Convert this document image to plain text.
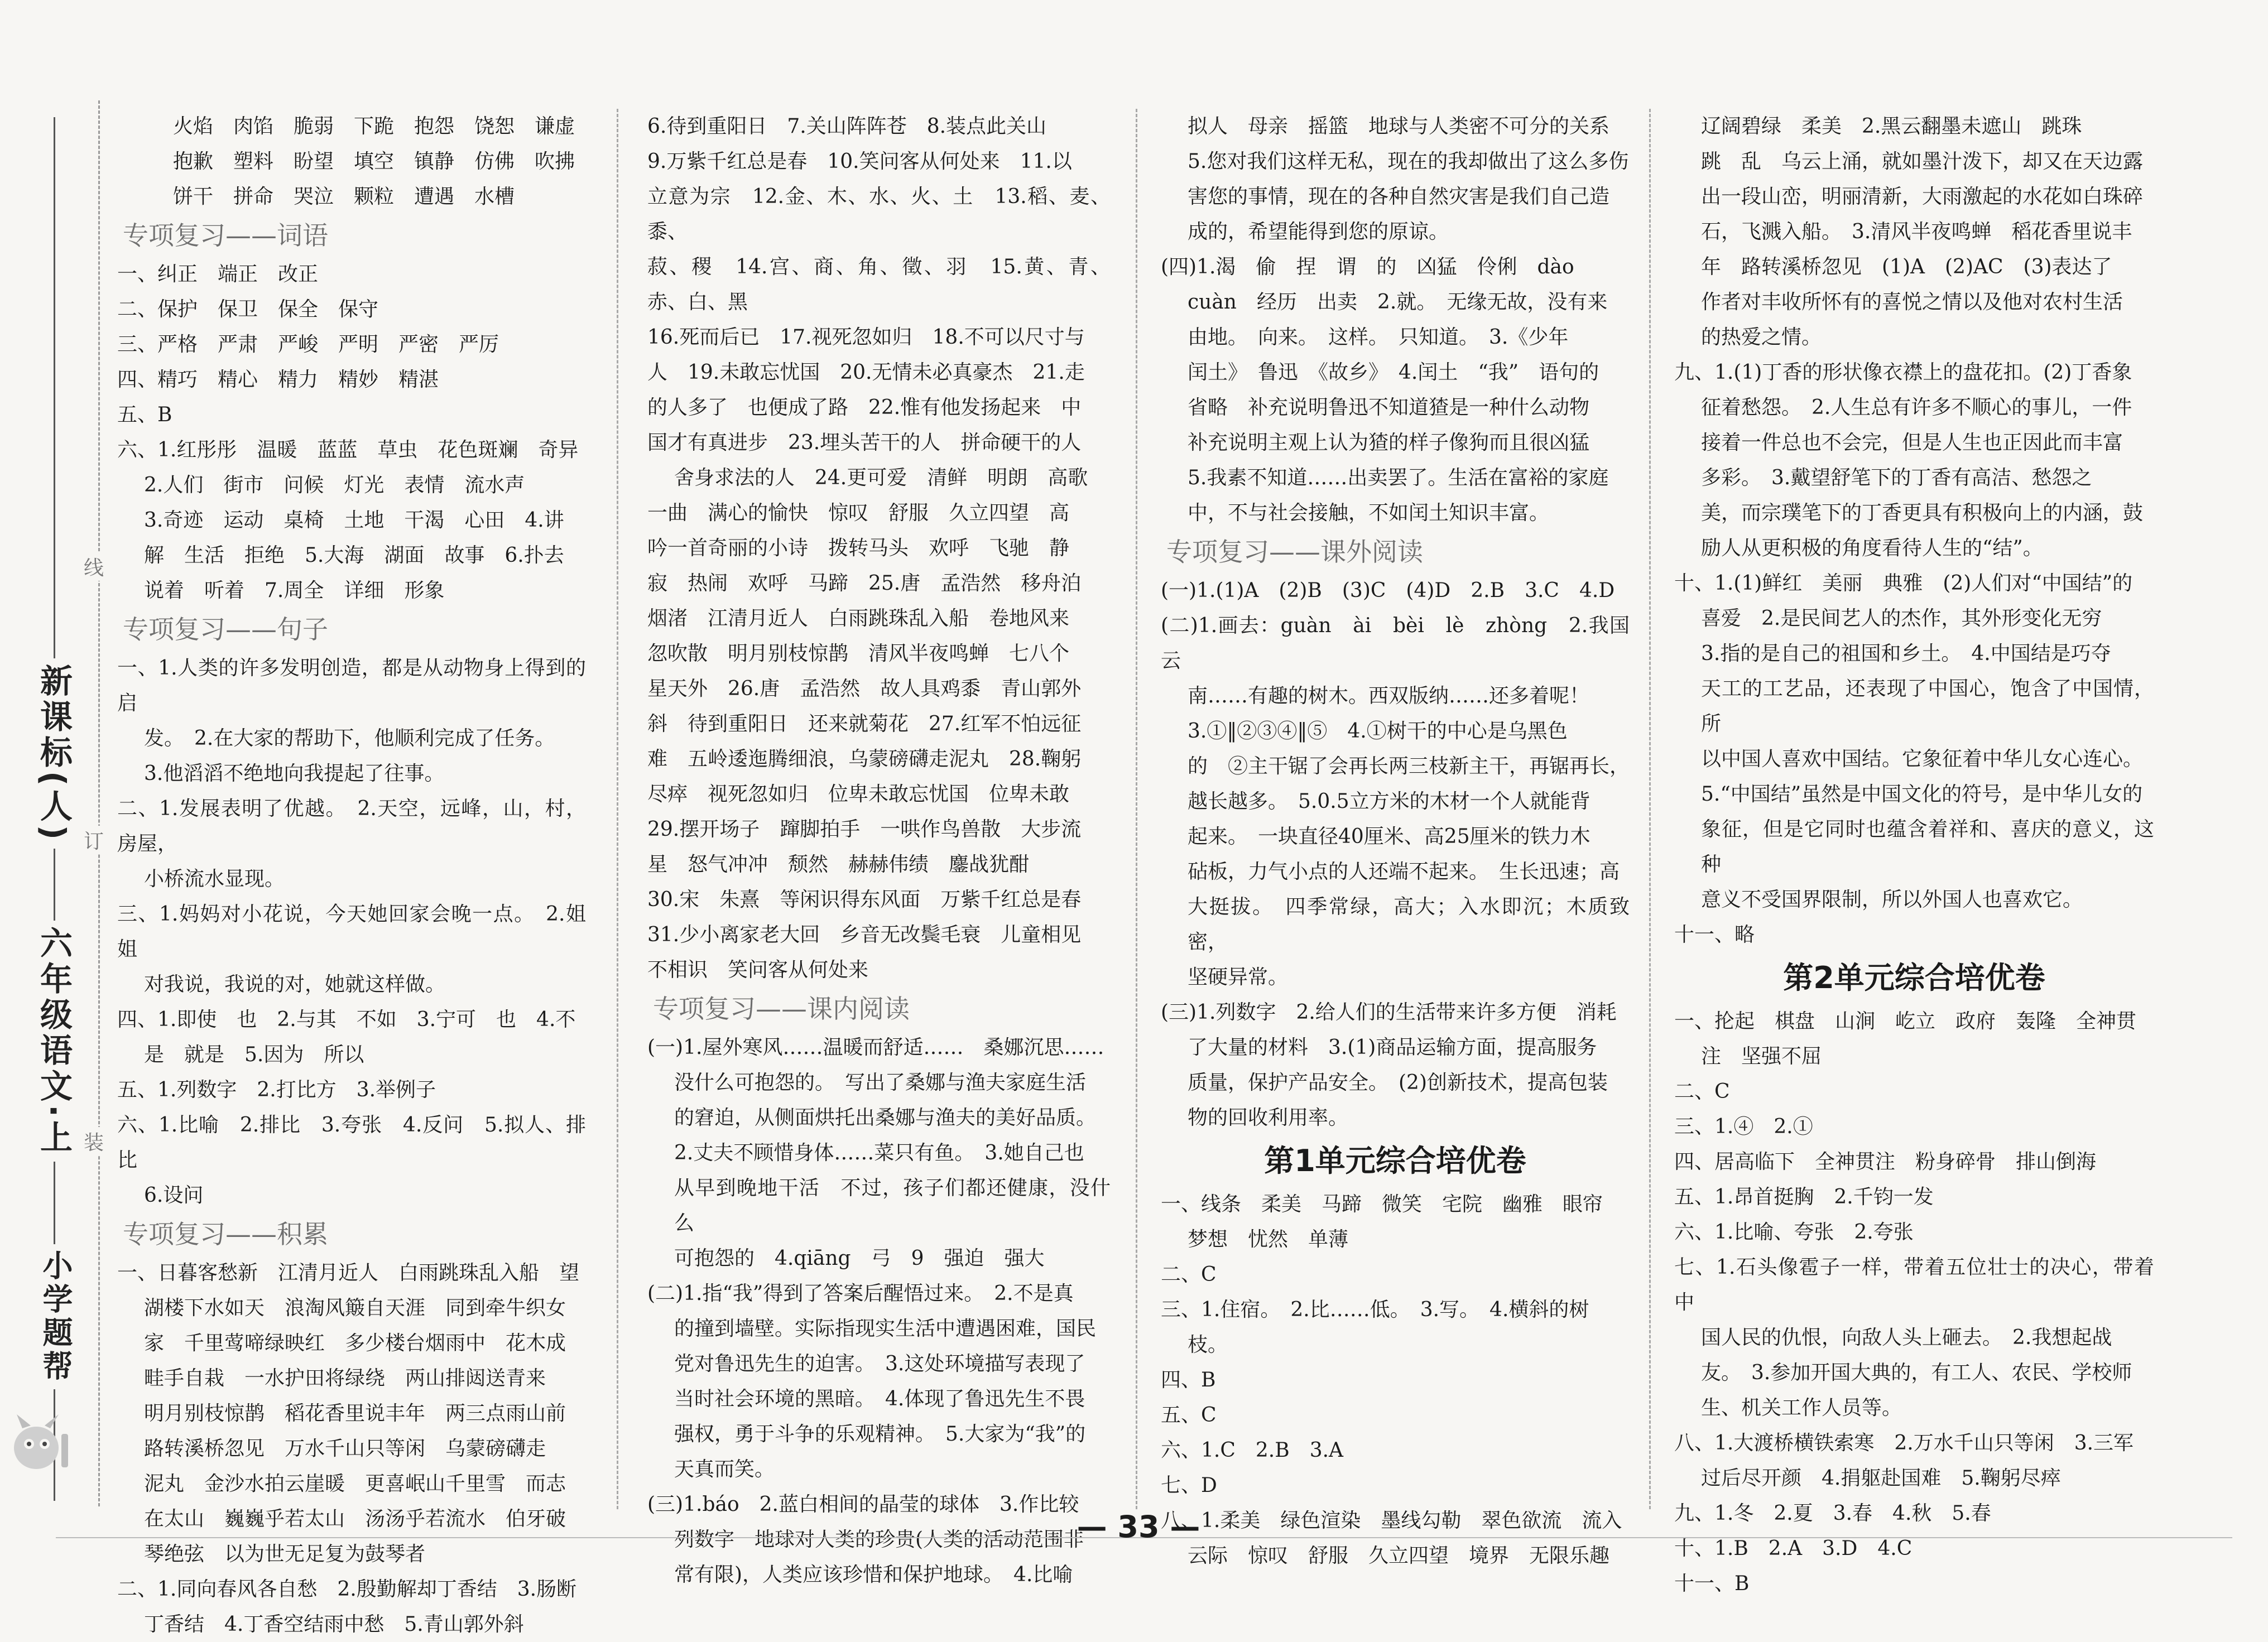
新课标(人)
六年级语文·上
小学题帮
线
订
装
火焰　肉馅　脆弱　下跪　抱怨　饶恕　谦虚
抱歉　塑料　盼望　填空　镇静　仿佛　吹拂
饼干　拼命　哭泣　颗粒　遭遇　水槽
专项复习——词语
一、纠正　端正　改正
二、保护　保卫　保全　保守
三、严格　严肃　严峻　严明　严密　严厉
四、精巧　精心　精力　精妙　精湛
五、B
六、1.红彤彤　温暖　蓝蓝　草虫　花色斑斓　奇异
2.人们　街市　问候　灯光　表情　流水声
3.奇迹　运动　桌椅　土地　干渴　心田　4.讲
解　生活　拒绝　5.大海　湖面　故事　6.扑去
说着　听着　7.周全　详细　形象
专项复习——句子
一、1.人类的许多发明创造，都是从动物身上得到的启
发。　2.在大家的帮助下，他顺利完成了任务。
3.他滔滔不绝地向我提起了往事。
二、1.发展表明了优越。　2.天空，远峰，山，村，房屋，
小桥流水显现。
三、1.妈妈对小花说，今天她回家会晚一点。　2.姐姐
对我说，我说的对，她就这样做。
四、1.即使　也　2.与其　不如　3.宁可　也　4.不
是　就是　5.因为　所以
五、1.列数字　2.打比方　3.举例子
六、1.比喻　2.排比　3.夸张　4.反问　5.拟人、排比
6.设问
专项复习——积累
一、日暮客愁新　江清月近人　白雨跳珠乱入船　望
湖楼下水如天　浪淘风簸自天涯　同到牵牛织女
家　千里莺啼绿映红　多少楼台烟雨中　花木成
畦手自栽　一水护田将绿绕　两山排闼送青来
明月别枝惊鹊　稻花香里说丰年　两三点雨山前
路转溪桥忽见　万水千山只等闲　乌蒙磅礴走
泥丸　金沙水拍云崖暖　更喜岷山千里雪　而志
在太山　巍巍乎若太山　汤汤乎若流水　伯牙破
琴绝弦　以为世无足复为鼓琴者
二、1.同向春风各自愁　2.殷勤解却丁香结　3.肠断
丁香结　4.丁香空结雨中愁　5.青山郭外斜
6.待到重阳日　7.关山阵阵苍　8.装点此关山
9.万紫千红总是春　10.笑问客从何处来　11.以
立意为宗　12.金、木、水、火、土　13.稻、麦、黍、
菽、稷　14.宫、商、角、徵、羽　15.黄、青、赤、白、黑
16.死而后已　17.视死忽如归　18.不可以尺寸与
人　19.未敢忘忧国　20.无情未必真豪杰　21.走
的人多了　也便成了路　22.惟有他发扬起来　中
国才有真进步　23.埋头苦干的人　拼命硬干的人
舍身求法的人　24.更可爱　清鲜　明朗　高歌
一曲　满心的愉快　惊叹　舒服　久立四望　高
吟一首奇丽的小诗　拨转马头　欢呼　飞驰　静
寂　热闹　欢呼　马蹄　25.唐　孟浩然　移舟泊
烟渚　江清月近人　白雨跳珠乱入船　卷地风来
忽吹散　明月别枝惊鹊　清风半夜鸣蝉　七八个
星天外　26.唐　孟浩然　故人具鸡黍　青山郭外
斜　待到重阳日　还来就菊花　27.红军不怕远征
难　五岭逶迤腾细浪，乌蒙磅礴走泥丸　28.鞠躬
尽瘁　视死忽如归　位卑未敢忘忧国　位卑未敢
29.摆开场子　蹿脚拍手　一哄作鸟兽散　大步流
星　怒气冲冲　颓然　赫赫伟绩　鏖战犹酣
30.宋　朱熹　等闲识得东风面　万紫千红总是春
31.少小离家老大回　乡音无改鬓毛衰　儿童相见
不相识　笑问客从何处来
专项复习——课内阅读
(一)1.屋外寒风……温暖而舒适……　桑娜沉思……
没什么可抱怨的。　写出了桑娜与渔夫家庭生活
的窘迫，从侧面烘托出桑娜与渔夫的美好品质。
2.丈夫不顾惜身体……菜只有鱼。　3.她自己也
从早到晚地干活　不过，孩子们都还健康，没什么
可抱怨的　4.qiāng　弓　9　强迫　强大
(二)1.指“我”得到了答案后醒悟过来。　2.不是真
的撞到墙壁。实际指现实生活中遭遇困难，国民
党对鲁迅先生的迫害。　3.这处环境描写表现了
当时社会环境的黑暗。　4.体现了鲁迅先生不畏
强权，勇于斗争的乐观精神。　5.大家为“我”的
天真而笑。
(三)1.báo　2.蓝白相间的晶莹的球体　3.作比较
列数字　地球对人类的珍贵(人类的活动范围非
常有限)，人类应该珍惜和保护地球。　4.比喻
拟人　母亲　摇篮　地球与人类密不可分的关系
5.您对我们这样无私，现在的我却做出了这么多伤
害您的事情，现在的各种自然灾害是我们自己造
成的，希望能得到您的原谅。
(四)1.渴　偷　捏　谓　的　凶猛　伶俐　dào
cuàn　经历　出卖　2.就。　无缘无故，没有来
由地。　向来。　这样。　只知道。　3.《少年
闰土》　鲁迅　《故乡》　4.闰土　“我”　语句的
省略　补充说明鲁迅不知道猹是一种什么动物
补充说明主观上认为猹的样子像狗而且很凶猛
5.我素不知道……出卖罢了。生活在富裕的家庭
中，不与社会接触，不如闰土知识丰富。
专项复习——课外阅读
(一)1.(1)A　(2)B　(3)C　(4)D　2.B　3.C　4.D
(二)1.画去：guàn　ài　bèi　lè　zhòng　2.我国云
南……有趣的树木。西双版纳……还多着呢！
3.①‖②③④‖⑤　4.①树干的中心是乌黑色
的　②主干锯了会再长两三枝新主干，再锯再长，
越长越多。　5.0.5立方米的木材一个人就能背
起来。　一块直径40厘米、高25厘米的铁力木
砧板，力气小点的人还端不起来。　生长迅速；高
大挺拔。　四季常绿，高大；入水即沉；木质致密，
坚硬异常。
(三)1.列数字　2.给人们的生活带来许多方便　消耗
了大量的材料　3.(1)商品运输方面，提高服务
质量，保护产品安全。　(2)创新技术，提高包装
物的回收利用率。
第1单元综合培优卷
一、线条　柔美　马蹄　微笑　宅院　幽雅　眼帘
梦想　忧然　单薄
二、C
三、1.住宿。　2.比……低。　3.写。　4.横斜的树
枝。
四、B
五、C
六、1.C　2.B　3.A
七、D
八、1.柔美　绿色渲染　墨线勾勒　翠色欲流　流入
云际　惊叹　舒服　久立四望　境界　无限乐趣
辽阔碧绿　柔美　2.黑云翻墨未遮山　跳珠
跳　乱　乌云上涌，就如墨汁泼下，却又在天边露
出一段山峦，明丽清新，大雨激起的水花如白珠碎
石，飞溅入船。　3.清风半夜鸣蝉　稻花香里说丰
年　路转溪桥忽见　(1)A　(2)AC　(3)表达了
作者对丰收所怀有的喜悦之情以及他对农村生活
的热爱之情。
九、1.(1)丁香的形状像衣襟上的盘花扣。(2)丁香象
征着愁怨。　2.人生总有许多不顺心的事儿，一件
接着一件总也不会完，但是人生也正因此而丰富
多彩。　3.戴望舒笔下的丁香有高洁、愁怨之
美，而宗璞笔下的丁香更具有积极向上的内涵，鼓
励人从更积极的角度看待人生的“结”。
十、1.(1)鲜红　美丽　典雅　(2)人们对“中国结”的
喜爱　2.是民间艺人的杰作，其外形变化无穷
3.指的是自己的祖国和乡土。　4.中国结是巧夺
天工的工艺品，还表现了中国心，饱含了中国情，所
以中国人喜欢中国结。它象征着中华儿女心连心。
5.“中国结”虽然是中国文化的符号，是中华儿女的
象征，但是它同时也蕴含着祥和、喜庆的意义，这种
意义不受国界限制，所以外国人也喜欢它。
十一、略
第2单元综合培优卷
一、抡起　棋盘　山涧　屹立　政府　轰隆　全神贯
注　坚强不屈
二、C
三、1.④　2.①
四、居高临下　全神贯注　粉身碎骨　排山倒海
五、1.昂首挺胸　2.千钧一发
六、1.比喻、夸张　2.夸张
七、1.石头像雹子一样，带着五位壮士的决心，带着中
国人民的仇恨，向敌人头上砸去。　2.我想起战
友。　3.参加开国大典的，有工人、农民、学校师
生、机关工作人员等。
八、1.大渡桥横铁索寒　2.万水千山只等闲　3.三军
过后尽开颜　4.捐躯赴国难　5.鞠躬尽瘁
九、1.冬　2.夏　3.春　4.秋　5.春
十、1.B　2.A　3.D　4.C
十一、B
— 33 —
